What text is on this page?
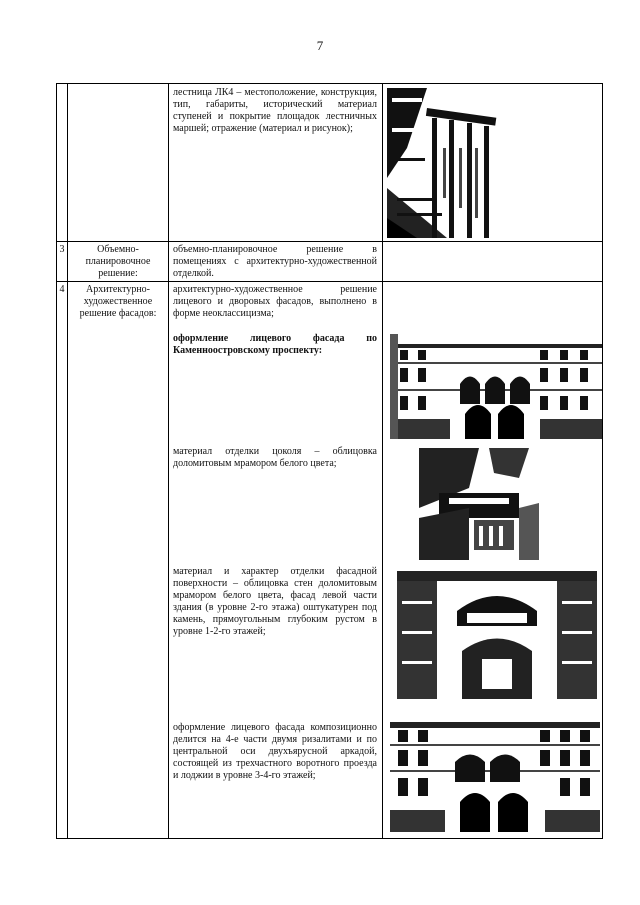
7
лестница ЛК4 – местоположение, конструкция, тип, габариты, исторический материал ступеней и покрытие площадок лестничных маршей; отражение (материал и рисунок);
3	Объемно-планировочное решение:
объемно-планировочное решение в помещениях с архитектурно-художественной отделкой.
4	Архитектурно-художественное решение фасадов:
архитектурно-художественное решение лицевого и дворовых фасадов, выполнено в форме неоклассицизма;
оформление лицевого фасада по Каменноостровскому проспекту:
материал отделки цоколя – облицовка доломитовым мрамором белого цвета;
материал и характер отделки фасадной поверхности – облицовка стен доломитовым мрамором белого цвета, фасад левой части здания (в уровне 2-го этажа) оштукатурен под камень, прямоугольным глубоким рустом в уровне 1-2-го этажей;
оформление лицевого фасада композиционно делится на 4-е части двумя ризалитами и по центральной оси двухъярусной аркадой, состоящей из трехчастного воротного проезда и лоджии в уровне 3-4-го этажей;
